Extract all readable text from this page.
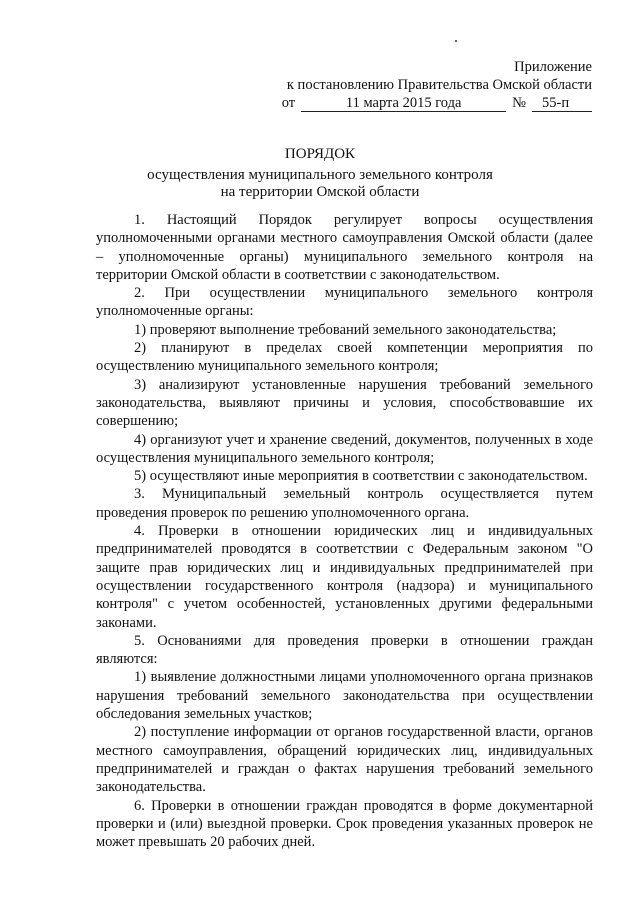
Приложение
к постановлению Правительства Омской области
от	11 марта 2015 года	№	55-п
ПОРЯДОК
осуществления муниципального земельного контроля
на территории Омской области

1. Настоящий Порядок регулирует вопросы осуществления уполномоченными органами местного самоуправления Омской области (далее – уполномоченные органы) муниципального земельного контроля на территории Омской области в соответствии с законодательством.

2. При осуществлении муниципального земельного контроля уполномоченные органы:

1) проверяют выполнение требований земельного законодательства;

2) планируют в пределах своей компетенции мероприятия по осуществлению муниципального земельного контроля;

3) анализируют установленные нарушения требований земельного законодательства, выявляют причины и условия, способствовавшие их совершению;

4) организуют учет и хранение сведений, документов, полученных в ходе осуществления муниципального земельного контроля;

5) осуществляют иные мероприятия в соответствии с законодательством.

3. Муниципальный земельный контроль осуществляется путем проведения проверок по решению уполномоченного органа.

4. Проверки в отношении юридических лиц и индивидуальных предпринимателей проводятся в соответствии с Федеральным законом "О защите прав юридических лиц и индивидуальных предпринимателей при осуществлении государственного контроля (надзора) и муниципального контроля" с учетом особенностей, установленных другими федеральными законами.

5. Основаниями для проведения проверки в отношении граждан являются:

1) выявление должностными лицами уполномоченного органа признаков нарушения требований земельного законодательства при осуществлении обследования земельных участков;

2) поступление информации от органов государственной власти, органов местного самоуправления, обращений юридических лиц, индивидуальных предпринимателей и граждан о фактах нарушения требований земельного законодательства.

6. Проверки в отношении граждан проводятся в форме документарной проверки и (или) выездной проверки. Срок проведения указанных проверок не может превышать 20 рабочих дней.
